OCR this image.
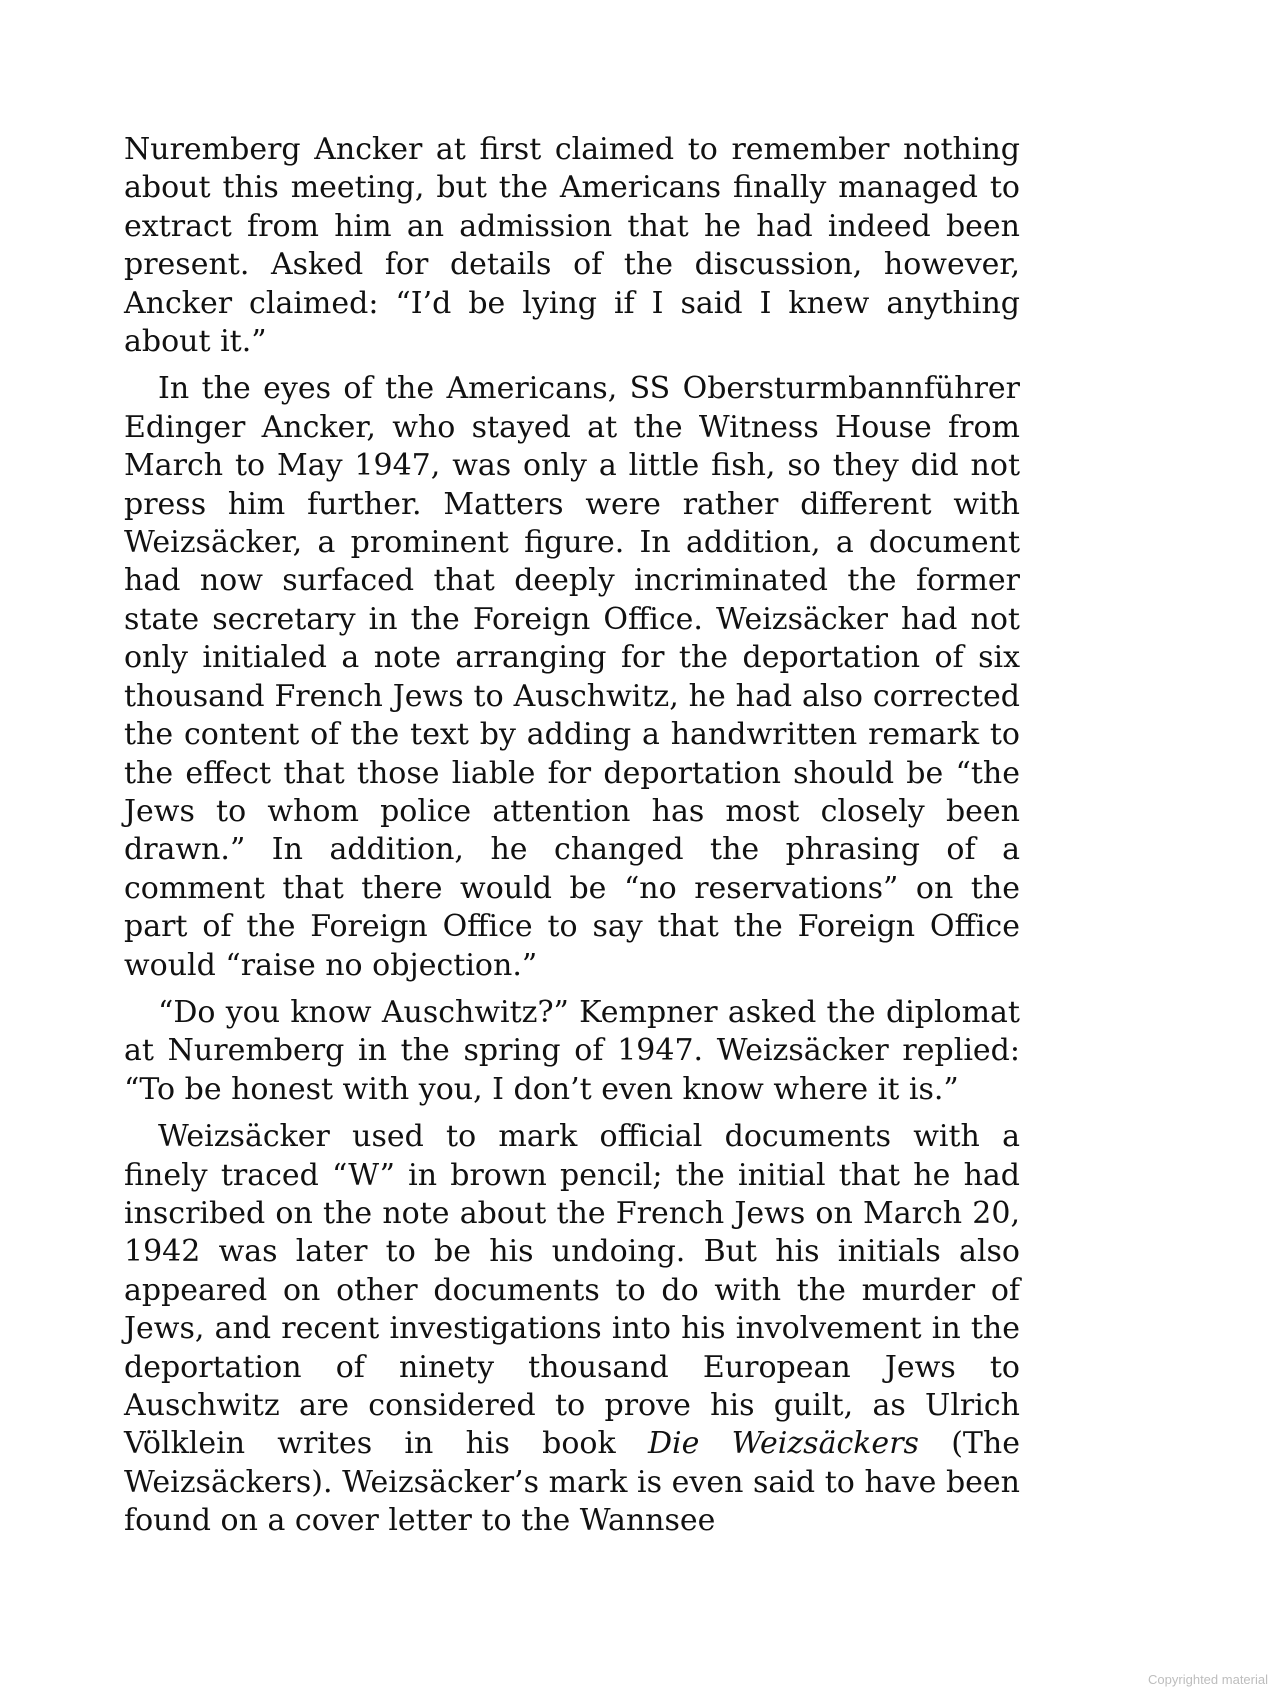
Nuremberg Ancker at first claimed to remember nothing about this meeting, but the Americans finally managed to extract from him an admission that he had indeed been present. Asked for details of the discussion, however, Ancker claimed: “I’d be lying if I said I knew anything about it.”

In the eyes of the Americans, SS Obersturmbannführer Edinger Ancker, who stayed at the Witness House from March to May 1947, was only a little fish, so they did not press him further. Matters were rather different with Weizsäcker, a prominent figure. In addition, a document had now surfaced that deeply incriminated the former state secretary in the Foreign Office. Weizsäcker had not only initialed a note arranging for the deportation of six thousand French Jews to Auschwitz, he had also corrected the content of the text by adding a handwritten remark to the effect that those liable for deportation should be “the Jews to whom police attention has most closely been drawn.” In addition, he changed the phrasing of a comment that there would be “no reservations” on the part of the Foreign Office to say that the Foreign Office would “raise no objection.”

“Do you know Auschwitz?” Kempner asked the diplomat at Nuremberg in the spring of 1947. Weizsäcker replied: “To be honest with you, I don’t even know where it is.”

Weizsäcker used to mark official documents with a finely traced “W” in brown pencil; the initial that he had inscribed on the note about the French Jews on March 20, 1942 was later to be his undoing. But his initials also appeared on other documents to do with the murder of Jews, and recent investigations into his involvement in the deportation of ninety thousand European Jews to Auschwitz are considered to prove his guilt, as Ulrich Völklein writes in his book Die Weizsäckers (The Weizsäckers). Weizsäcker’s mark is even said to have been found on a cover letter to the Wannsee

Copyrighted material
